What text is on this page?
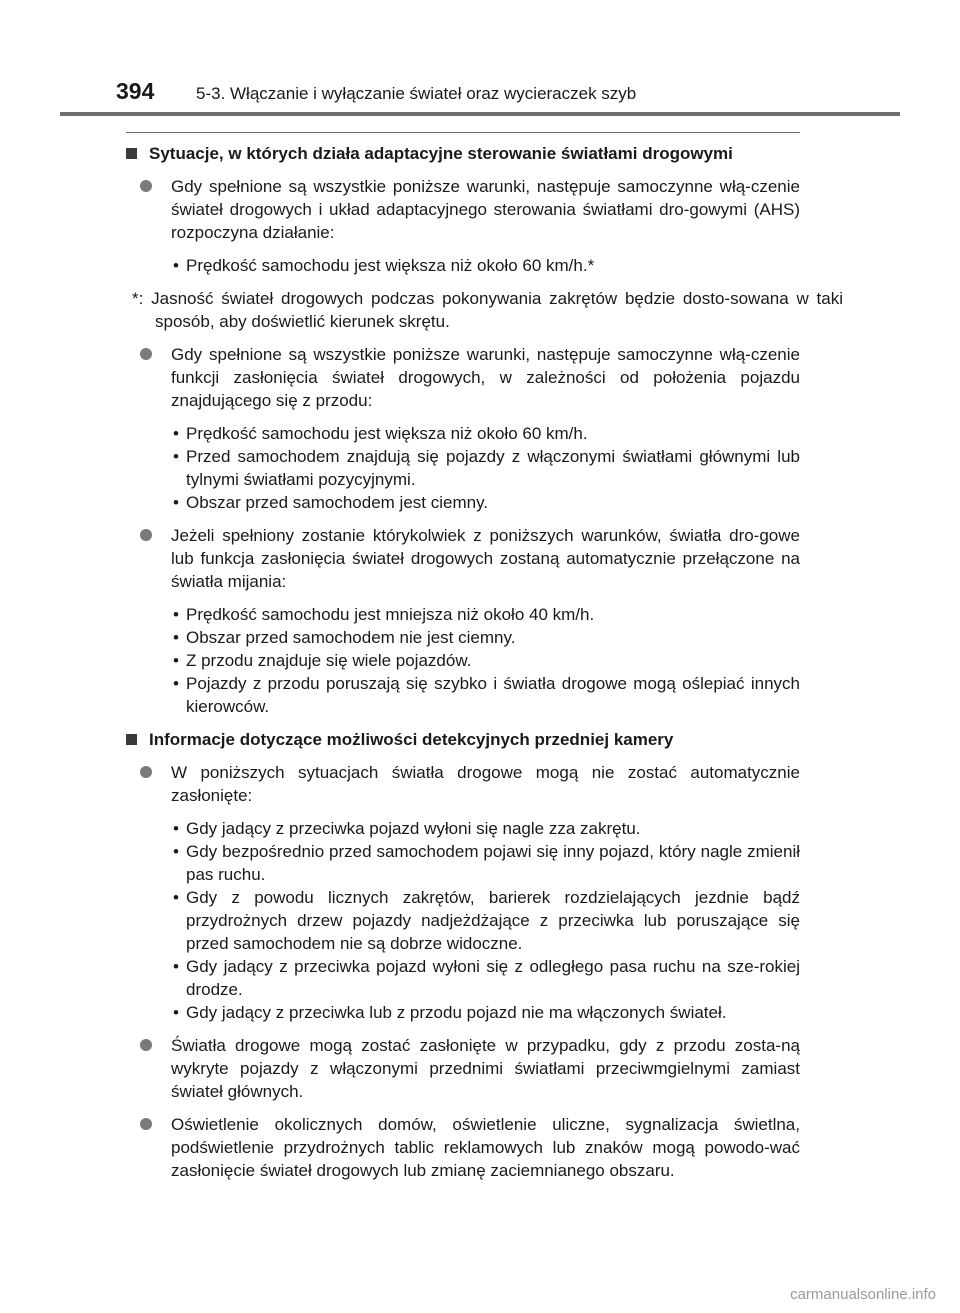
394	5-3. Włączanie i wyłączanie świateł oraz wycieraczek szyb
Sytuacje, w których działa adaptacyjne sterowanie światłami drogowymi
Gdy spełnione są wszystkie poniższe warunki, następuje samoczynne włą-czenie świateł drogowych i układ adaptacyjnego sterowania światłami dro-gowymi (AHS) rozpoczyna działanie:
• Prędkość samochodu jest większa niż około 60 km/h.*
*: Jasność świateł drogowych podczas pokonywania zakrętów będzie dosto-sowana w taki sposób, aby doświetlić kierunek skrętu.
Gdy spełnione są wszystkie poniższe warunki, następuje samoczynne włą-czenie funkcji zasłonięcia świateł drogowych, w zależności od położenia pojazdu znajdującego się z przodu:
• Prędkość samochodu jest większa niż około 60 km/h.
• Przed samochodem znajdują się pojazdy z włączonymi światłami głównymi lub tylnymi światłami pozycyjnymi.
• Obszar przed samochodem jest ciemny.
Jeżeli spełniony zostanie którykolwiek z poniższych warunków, światła dro-gowe lub funkcja zasłonięcia świateł drogowych zostaną automatycznie przełączone na światła mijania:
• Prędkość samochodu jest mniejsza niż około 40 km/h.
• Obszar przed samochodem nie jest ciemny.
• Z przodu znajduje się wiele pojazdów.
• Pojazdy z przodu poruszają się szybko i światła drogowe mogą oślepiać innych kierowców.
Informacje dotyczące możliwości detekcyjnych przedniej kamery
W poniższych sytuacjach światła drogowe mogą nie zostać automatycznie zasłonięte:
• Gdy jadący z przeciwka pojazd wyłoni się nagle zza zakrętu.
• Gdy bezpośrednio przed samochodem pojawi się inny pojazd, który nagle zmienił pas ruchu.
• Gdy z powodu licznych zakrętów, barierek rozdzielających jezdnie bądź przydrożnych drzew pojazdy nadjeżdżające z przeciwka lub poruszające się przed samochodem nie są dobrze widoczne.
• Gdy jadący z przeciwka pojazd wyłoni się z odległego pasa ruchu na sze-rokiej drodze.
• Gdy jadący z przeciwka lub z przodu pojazd nie ma włączonych świateł.
Światła drogowe mogą zostać zasłonięte w przypadku, gdy z przodu zosta-ną wykryte pojazdy z włączonymi przednimi światłami przeciwmgielnymi zamiast świateł głównych.
Oświetlenie okolicznych domów, oświetlenie uliczne, sygnalizacja świetlna, podświetlenie przydrożnych tablic reklamowych lub znaków mogą powodo-wać zasłonięcie świateł drogowych lub zmianę zaciemnianego obszaru.
carmanualsonline.info
